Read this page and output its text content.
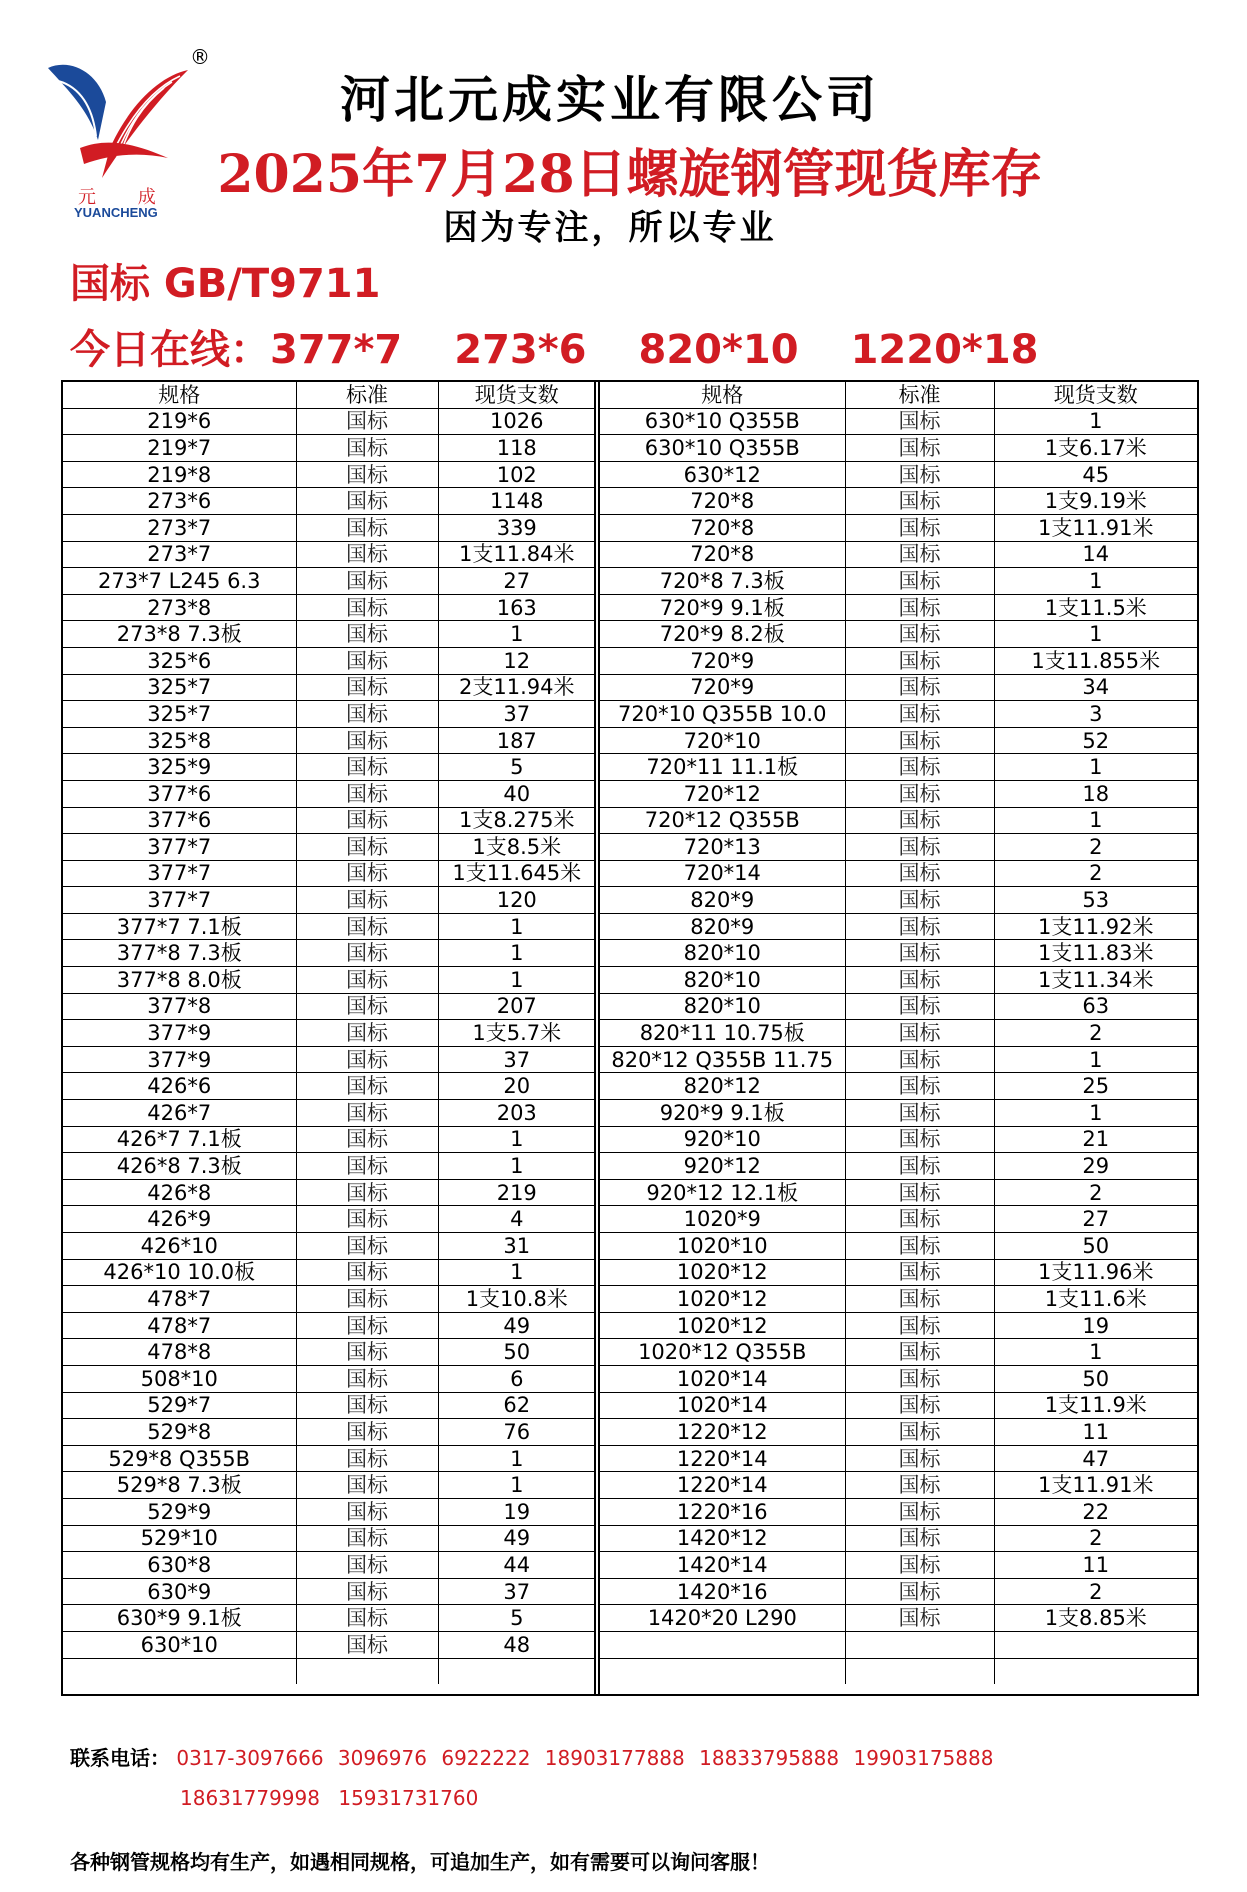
®
元 成
YUANCHENG
河北元成实业有限公司
2025年7月28日螺旋钢管现货库存
因为专注，所以专业
国标 GB/T9711
今日在线：377*7 273*6 820*10 1220*18
规格	标准	现货支数
219*6	国标	1026
219*7	国标	118
219*8	国标	102
273*6	国标	1148
273*7	国标	339
273*7	国标	1支11.84米
273*7 L245 6.3	国标	27
273*8	国标	163
273*8 7.3板	国标	1
325*6	国标	12
325*7	国标	2支11.94米
325*7	国标	37
325*8	国标	187
325*9	国标	5
377*6	国标	40
377*6	国标	1支8.275米
377*7	国标	1支8.5米
377*7	国标	1支11.645米
377*7	国标	120
377*7 7.1板	国标	1
377*8 7.3板	国标	1
377*8 8.0板	国标	1
377*8	国标	207
377*9	国标	1支5.7米
377*9	国标	37
426*6	国标	20
426*7	国标	203
426*7 7.1板	国标	1
426*8 7.3板	国标	1
426*8	国标	219
426*9	国标	4
426*10	国标	31
426*10 10.0板	国标	1
478*7	国标	1支10.8米
478*7	国标	49
478*8	国标	50
508*10	国标	6
529*7	国标	62
529*8	国标	76
529*8 Q355B	国标	1
529*8 7.3板	国标	1
529*9	国标	19
529*10	国标	49
630*8	国标	44
630*9	国标	37
630*9 9.1板	国标	5
630*10	国标	48

规格	标准	现货支数
630*10 Q355B	国标	1
630*10 Q355B	国标	1支6.17米
630*12	国标	45
720*8	国标	1支9.19米
720*8	国标	1支11.91米
720*8	国标	14
720*8 7.3板	国标	1
720*9 9.1板	国标	1支11.5米
720*9 8.2板	国标	1
720*9	国标	1支11.855米
720*9	国标	34
720*10 Q355B 10.0	国标	3
720*10	国标	52
720*11 11.1板	国标	1
720*12	国标	18
720*12 Q355B	国标	1
720*13	国标	2
720*14	国标	2
820*9	国标	53
820*9	国标	1支11.92米
820*10	国标	1支11.83米
820*10	国标	1支11.34米
820*10	国标	63
820*11 10.75板	国标	2
820*12 Q355B 11.75	国标	1
820*12	国标	25
920*9 9.1板	国标	1
920*10	国标	21
920*12	国标	29
920*12 12.1板	国标	2
1020*9	国标	27
1020*10	国标	50
1020*12	国标	1支11.96米
1020*12	国标	1支11.6米
1020*12	国标	19
1020*12 Q355B	国标	1
1020*14	国标	50
1020*14	国标	1支11.9米
1220*12	国标	11
1220*14	国标	47
1220*14	国标	1支11.91米
1220*16	国标	22
1420*12	国标	2
1420*14	国标	11
1420*16	国标	2
1420*20 L290	国标	1支8.85米

联系电话： 0317-3097666 3096976 6922222 18903177888 18833795888 19903175888
18631779998 15931731760
各种钢管规格均有生产，如遇相同规格，可追加生产，如有需要可以询问客服！
